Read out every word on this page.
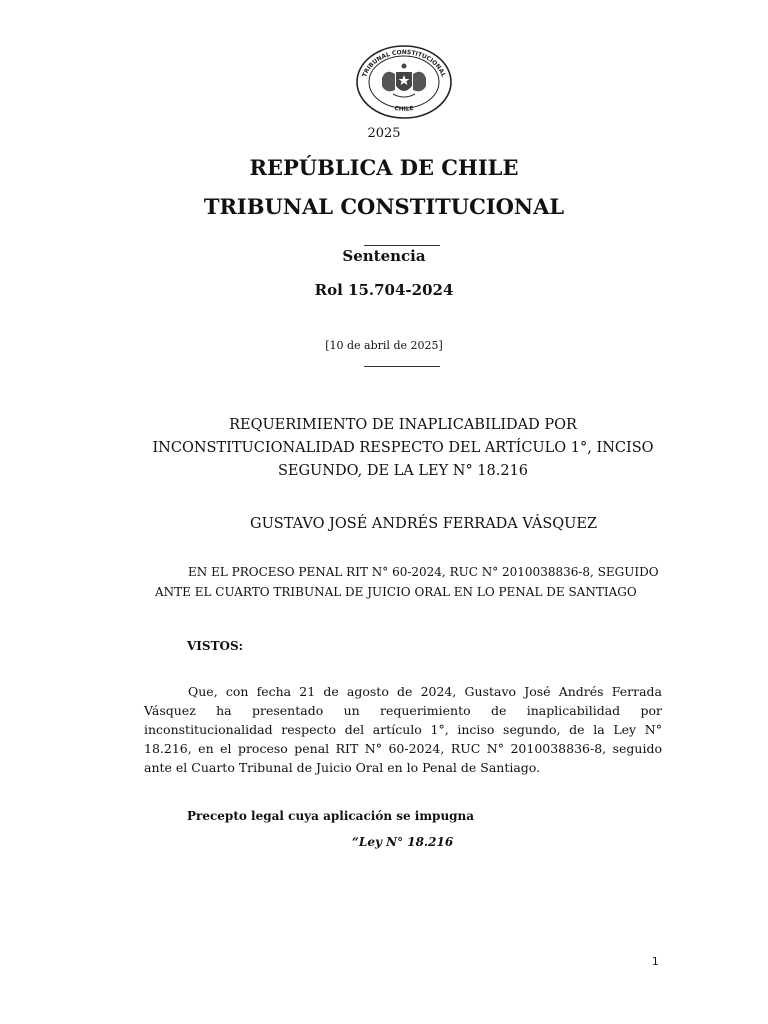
TRIBUNAL CONSTITUCIONAL
CHILE
2025
REPÚBLICA DE CHILE
TRIBUNAL CONSTITUCIONAL
Sentencia
Rol 15.704-2024
[10 de abril de 2025]
REQUERIMIENTO DE INAPLICABILIDAD POR INCONSTITUCIONALIDAD RESPECTO DEL ARTÍCULO 1°, INCISO SEGUNDO, DE LA LEY N° 18.216
GUSTAVO JOSÉ ANDRÉS FERRADA VÁSQUEZ
EN EL PROCESO PENAL RIT N° 60-2024, RUC N° 2010038836-8, SEGUIDO
ANTE EL CUARTO TRIBUNAL DE JUICIO ORAL EN LO PENAL DE SANTIAGO
VISTOS:
Que, con fecha 21 de agosto de 2024, Gustavo José Andrés Ferrada Vásquez ha presentado un requerimiento de inaplicabilidad por inconstitucionalidad respecto del artículo 1°, inciso segundo, de la Ley N° 18.216, en el proceso penal RIT N° 60-2024, RUC N° 2010038836-8, seguido ante el Cuarto Tribunal de Juicio Oral en lo Penal de Santiago.
Precepto legal cuya aplicación se impugna
“Ley N° 18.216
1
